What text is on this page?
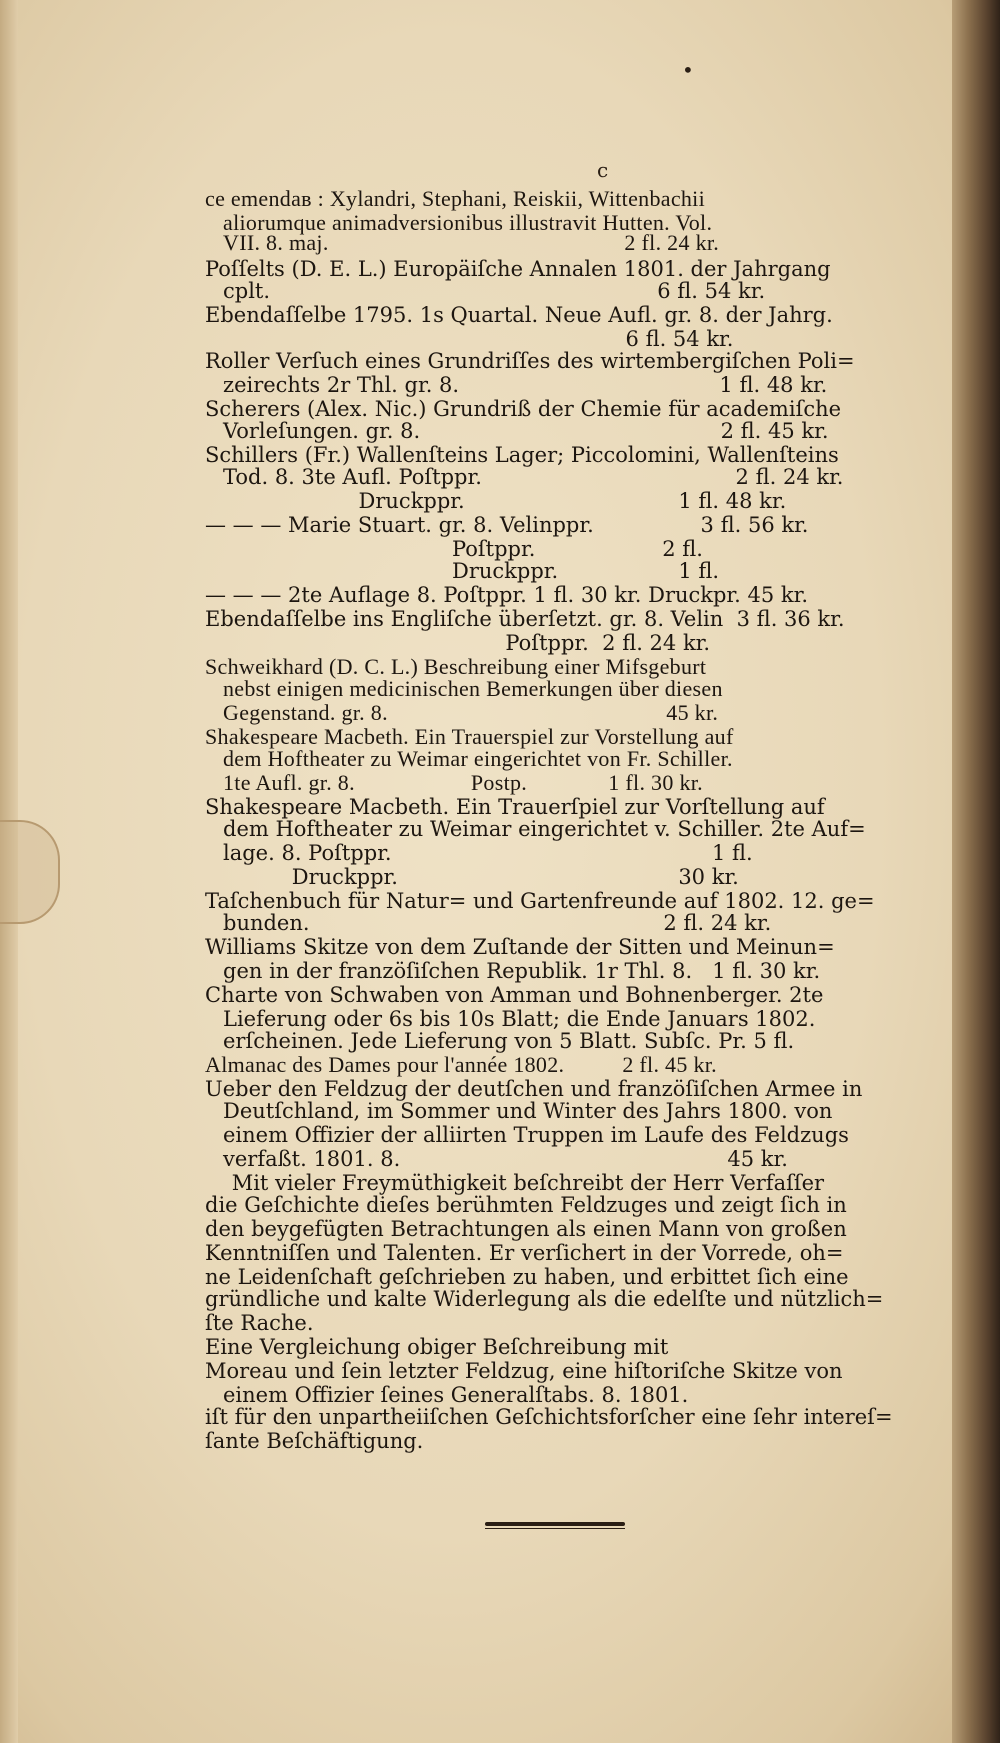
•
c
ce emendaв : Xylandri, Stephani, Reiskii, Wittenbachii
aliorumque animadversionibus illustravit Hutten. Vol.
VII. 8. maj.                                                   2 fl. 24 kr.
Poſſelts (D. E. L.) Europäiſche Annalen 1801. der Jahrgang
cplt.                                                          6 fl. 54 kr.
Ebendaſſelbe 1795. 1s Quartal. Neue Aufl. gr. 8. der Jahrg.
6 fl. 54 kr.
Roller Verſuch eines Grundriſſes des wirtembergiſchen Poli=
zeirechts 2r Thl. gr. 8.                                       1 fl. 48 kr.
Scherers (Alex. Nic.) Grundriß der Chemie für academiſche
Vorleſungen. gr. 8.                                             2 fl. 45 kr.
Schillers (Fr.) Wallenſteins Lager; Piccolomini, Wallenſteins
Tod. 8. 3te Aufl. Poſtppr.                                      2 fl. 24 kr.
Druckppr.                                1 fl. 48 kr.
— — — Marie Stuart. gr. 8. Velinppr.                3 fl. 56 kr.
Poſtppr.                   2 fl.
Druckppr.                  1 fl.
— — — 2te Auflage 8. Poſtppr. 1 fl. 30 kr. Druckpr. 45 kr.
Ebendaſſelbe ins Engliſche überſetzt. gr. 8. Velin  3 fl. 36 kr.
Poſtppr.  2 fl. 24 kr.
Schweikhard (D. C. L.) Beschreibung einer Mifsgeburt
nebst einigen medicinischen Bemerkungen über diesen
Gegenstand. gr. 8.                                                45 kr.
Shakespeare Macbeth. Ein Trauerspiel zur Vorstellung auf
dem Hoftheater zu Weimar eingerichtet von Fr. Schiller.
1te Aufl. gr. 8.                    Postp.              1 fl. 30 kr.
Shakespeare Macbeth. Ein Trauerſpiel zur Vorſtellung auf
dem Hoftheater zu Weimar eingerichtet v. Schiller. 2te Auf=
lage. 8. Poſtppr.                                                1 fl.
Druckppr.                                          30 kr.
Taſchenbuch für Natur= und Gartenfreunde auf 1802. 12. ge=
bunden.                                                     2 fl. 24 kr.
Williams Skitze von dem Zuſtande der Sitten und Meinun=
gen in der franzöſiſchen Republik. 1r Thl. 8.   1 fl. 30 kr.
Charte von Schwaben von Amman und Bohnenberger. 2te
Lieferung oder 6s bis 10s Blatt; die Ende Januars 1802.
erſcheinen. Jede Lieferung von 5 Blatt. Subſc. Pr. 5 fl.
Almanac des Dames pour l'année 1802.          2 fl. 45 kr.
Ueber den Feldzug der deutſchen und franzöſiſchen Armee in
Deutſchland, im Sommer und Winter des Jahrs 1800. von
einem Offizier der alliirten Truppen im Laufe des Feldzugs
verfaßt. 1801. 8.                                                 45 kr.
Mit vieler Freymüthigkeit beſchreibt der Herr Verfaſſer
die Geſchichte dieſes berühmten Feldzuges und zeigt ſich in
den beygefügten Betrachtungen als einen Mann von großen
Kenntniſſen und Talenten. Er verſichert in der Vorrede, oh=
ne Leidenſchaft geſchrieben zu haben, und erbittet ſich eine
gründliche und kalte Widerlegung als die edelſte und nützlich=
ſte Rache.
Eine Vergleichung obiger Beſchreibung mit
Moreau und ſein letzter Feldzug, eine hiſtoriſche Skitze von
einem Offizier ſeines Generalſtabs. 8. 1801.
iſt für den unpartheiiſchen Geſchichtsforſcher eine ſehr intereſ=
ſante Beſchäftigung.
